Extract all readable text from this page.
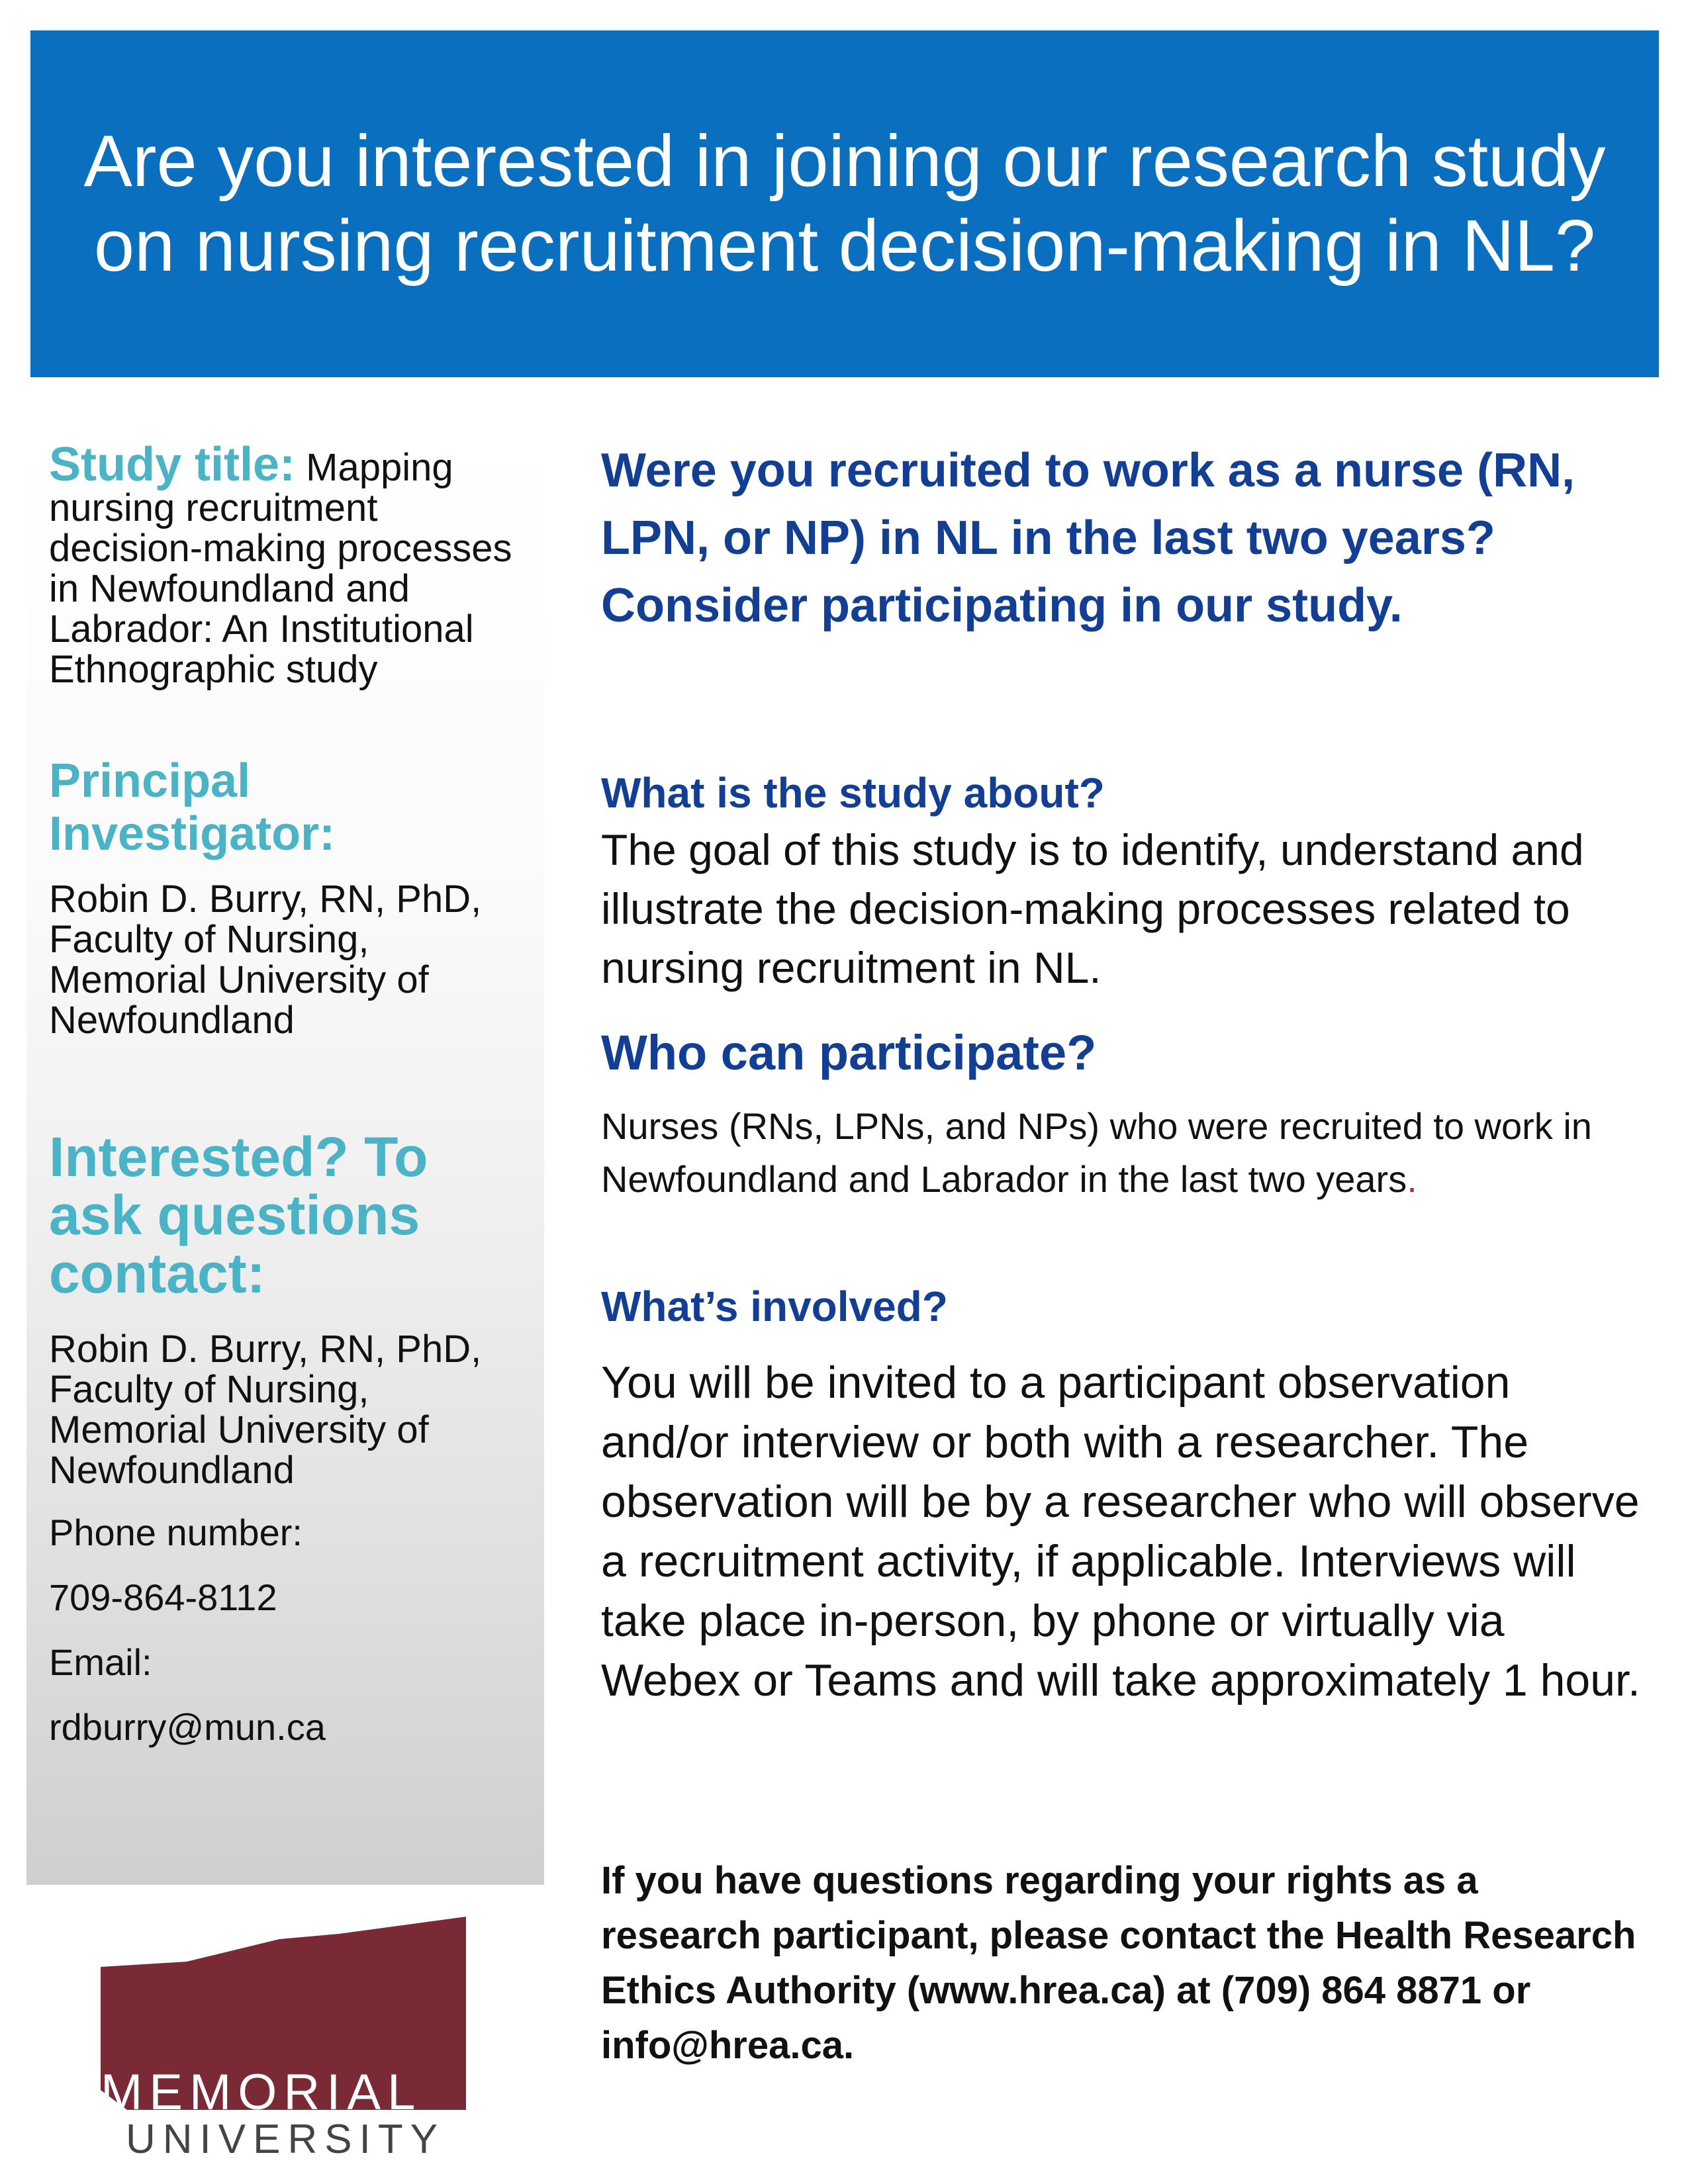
Are you interested in joining our research study
on nursing recruitment decision-making in NL?

Study title: Mapping nursing recruitment decision-making processes in Newfoundland and Labrador: An Institutional Ethnographic study

Principal Investigator:

Robin D. Burry, RN, PhD, Faculty of Nursing, Memorial University of Newfoundland

Interested? To ask questions contact:

Robin D. Burry, RN, PhD, Faculty of Nursing, Memorial University of Newfoundland

Phone number:

709-864-8112

Email:

rdburry@mun.ca

Were you recruited to work as a nurse (RN, LPN, or NP) in NL in the last two years? Consider participating in our study.

What is the study about?

The goal of this study is to identify, understand and illustrate the decision-making processes related to nursing recruitment in NL.

Who can participate?

Nurses (RNs, LPNs, and NPs) who were recruited to work in Newfoundland and Labrador in the last two years.

What’s involved?

You will be invited to a participant observation and/or interview or both with a researcher. The observation will be by a researcher who will observe a recruitment activity, if applicable. Interviews will take place in-person, by phone or virtually via Webex or Teams and will take approximately 1 hour.

If you have questions regarding your rights as a research participant, please contact the Health Research Ethics Authority (www.hrea.ca) at (709) 864 8871 or info@hrea.ca.

MEMORIAL
UNIVERSITY
